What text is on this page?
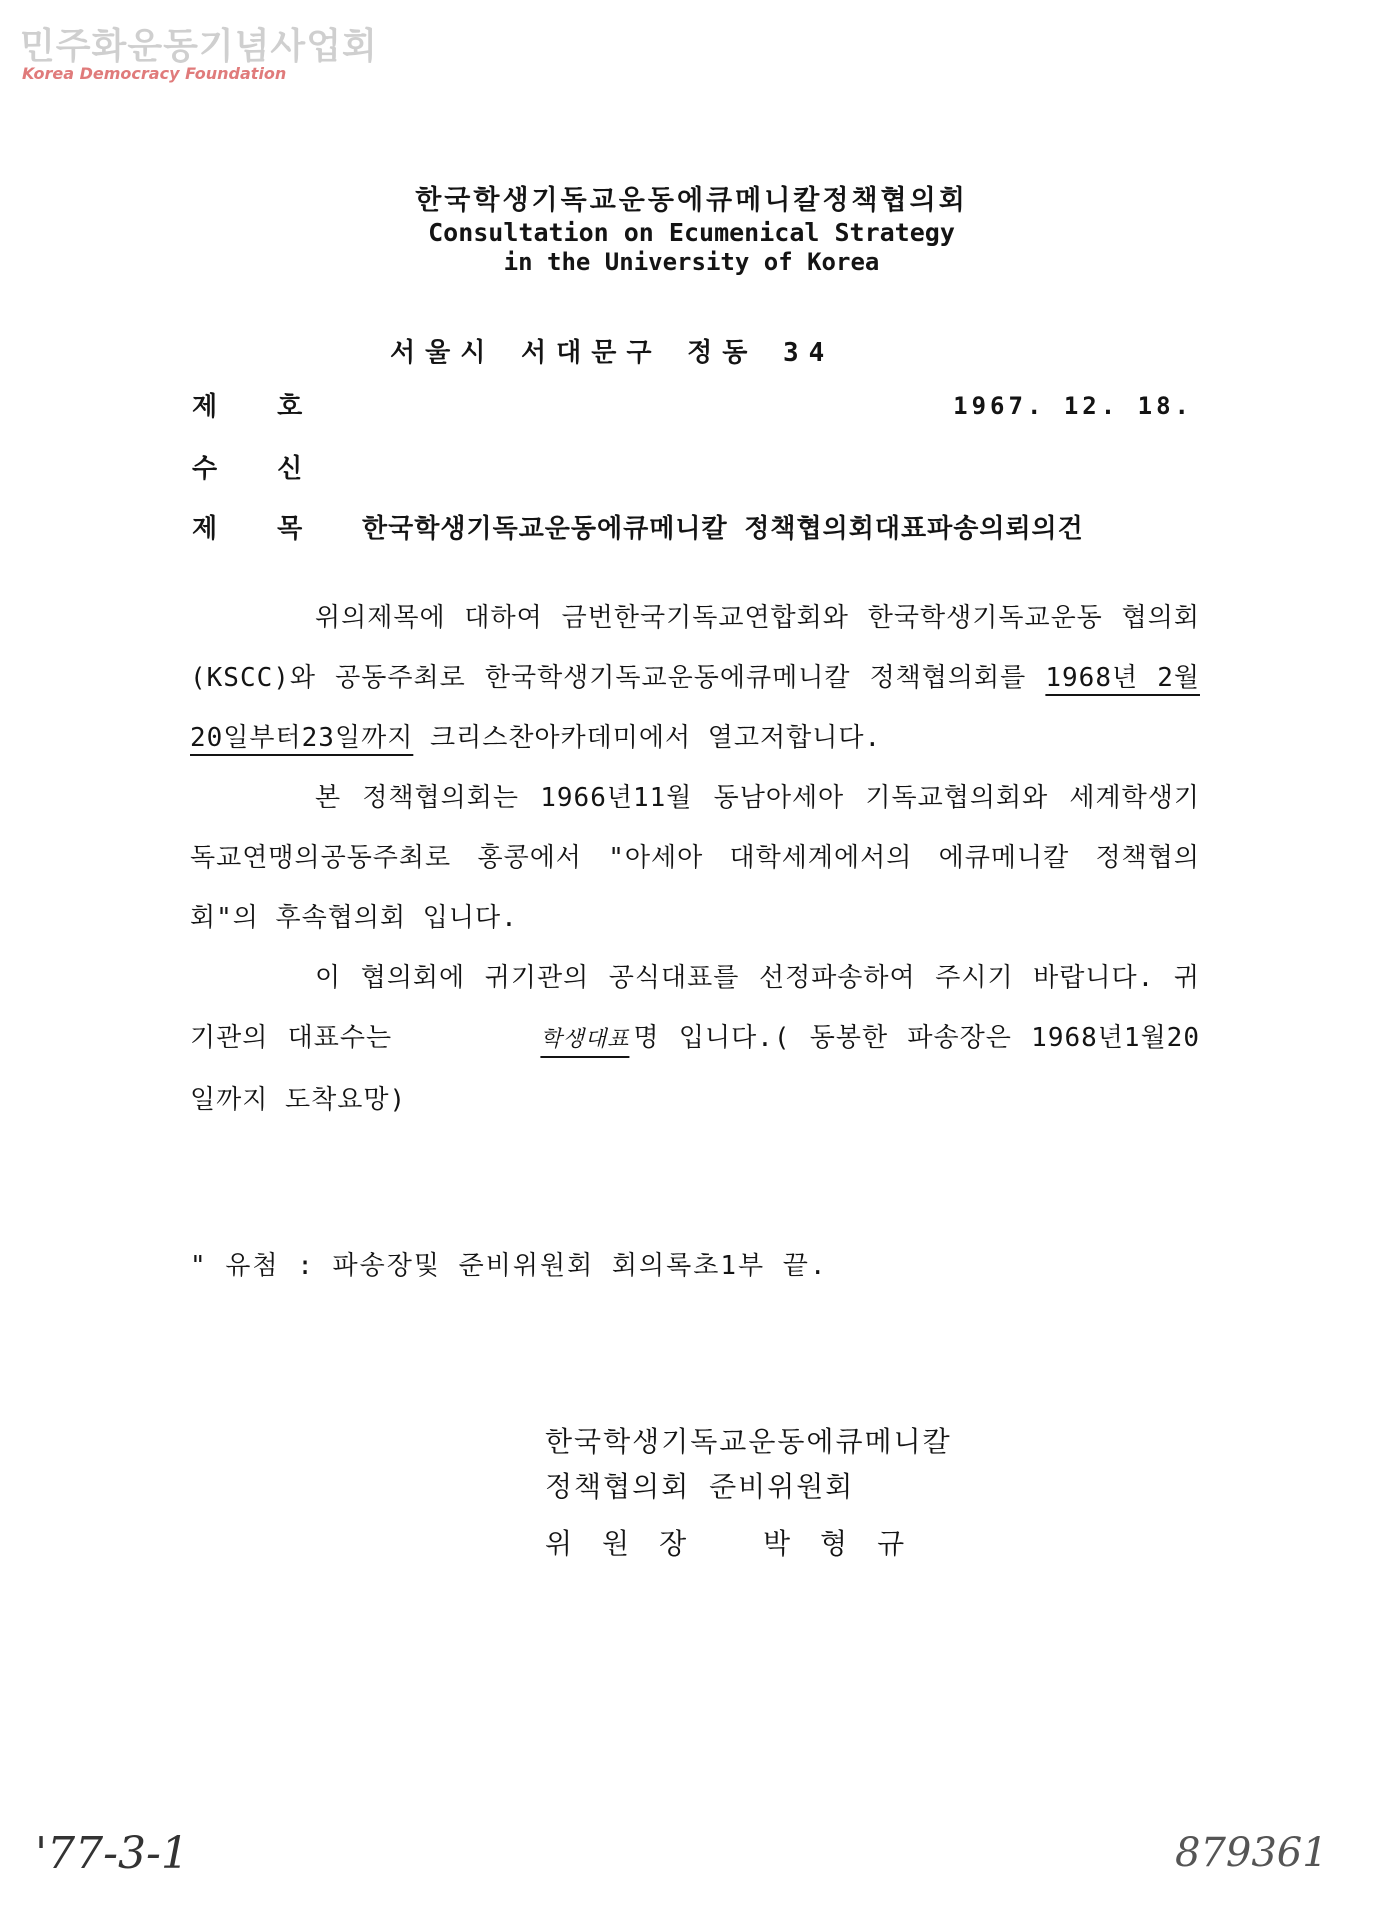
민주화운동기념사업회
Korea Democracy Foundation
한국학생기독교운동에큐메니칼정책협의회
Consultation on Ecumenical Strategy
in the University of Korea
서울시 서대문구 정동 34
제호	1967. 12. 18.
수신
제목 한국학생기독교운동에큐메니칼 정책협의회대표파송의뢰의건

위의제목에 대하여 금번한국기독교연합회와 한국학생기독교운동 협의회(KSCC)와 공동주최로 한국학생기독교운동에큐메니칼 정책협의회를 1968년 2월 20일부터23일까지 크리스찬아카데미에서 열고저합니다.

본 정책협의회는 1966년11월 동남아세아 기독교협의회와 세계학생기독교연맹의공동주최로 홍콩에서 "아세아 대학세계에서의 에큐메니칼 정책협의회"의 후속협의회 입니다.

이 협의회에 귀기관의 공식대표를 선정파송하여 주시기 바랍니다. 귀 기관의 대표수는	학생대표 명 입니다.( 동봉한 파송장은 1968년1월20 일까지 도착요망)

" 유첨 : 파송장및 준비위원회 회의록초1부 끝.
한국학생기독교운동에큐메니칼
정책협의회 준비위원회
위원장 박형규
'77-3-1	879361
